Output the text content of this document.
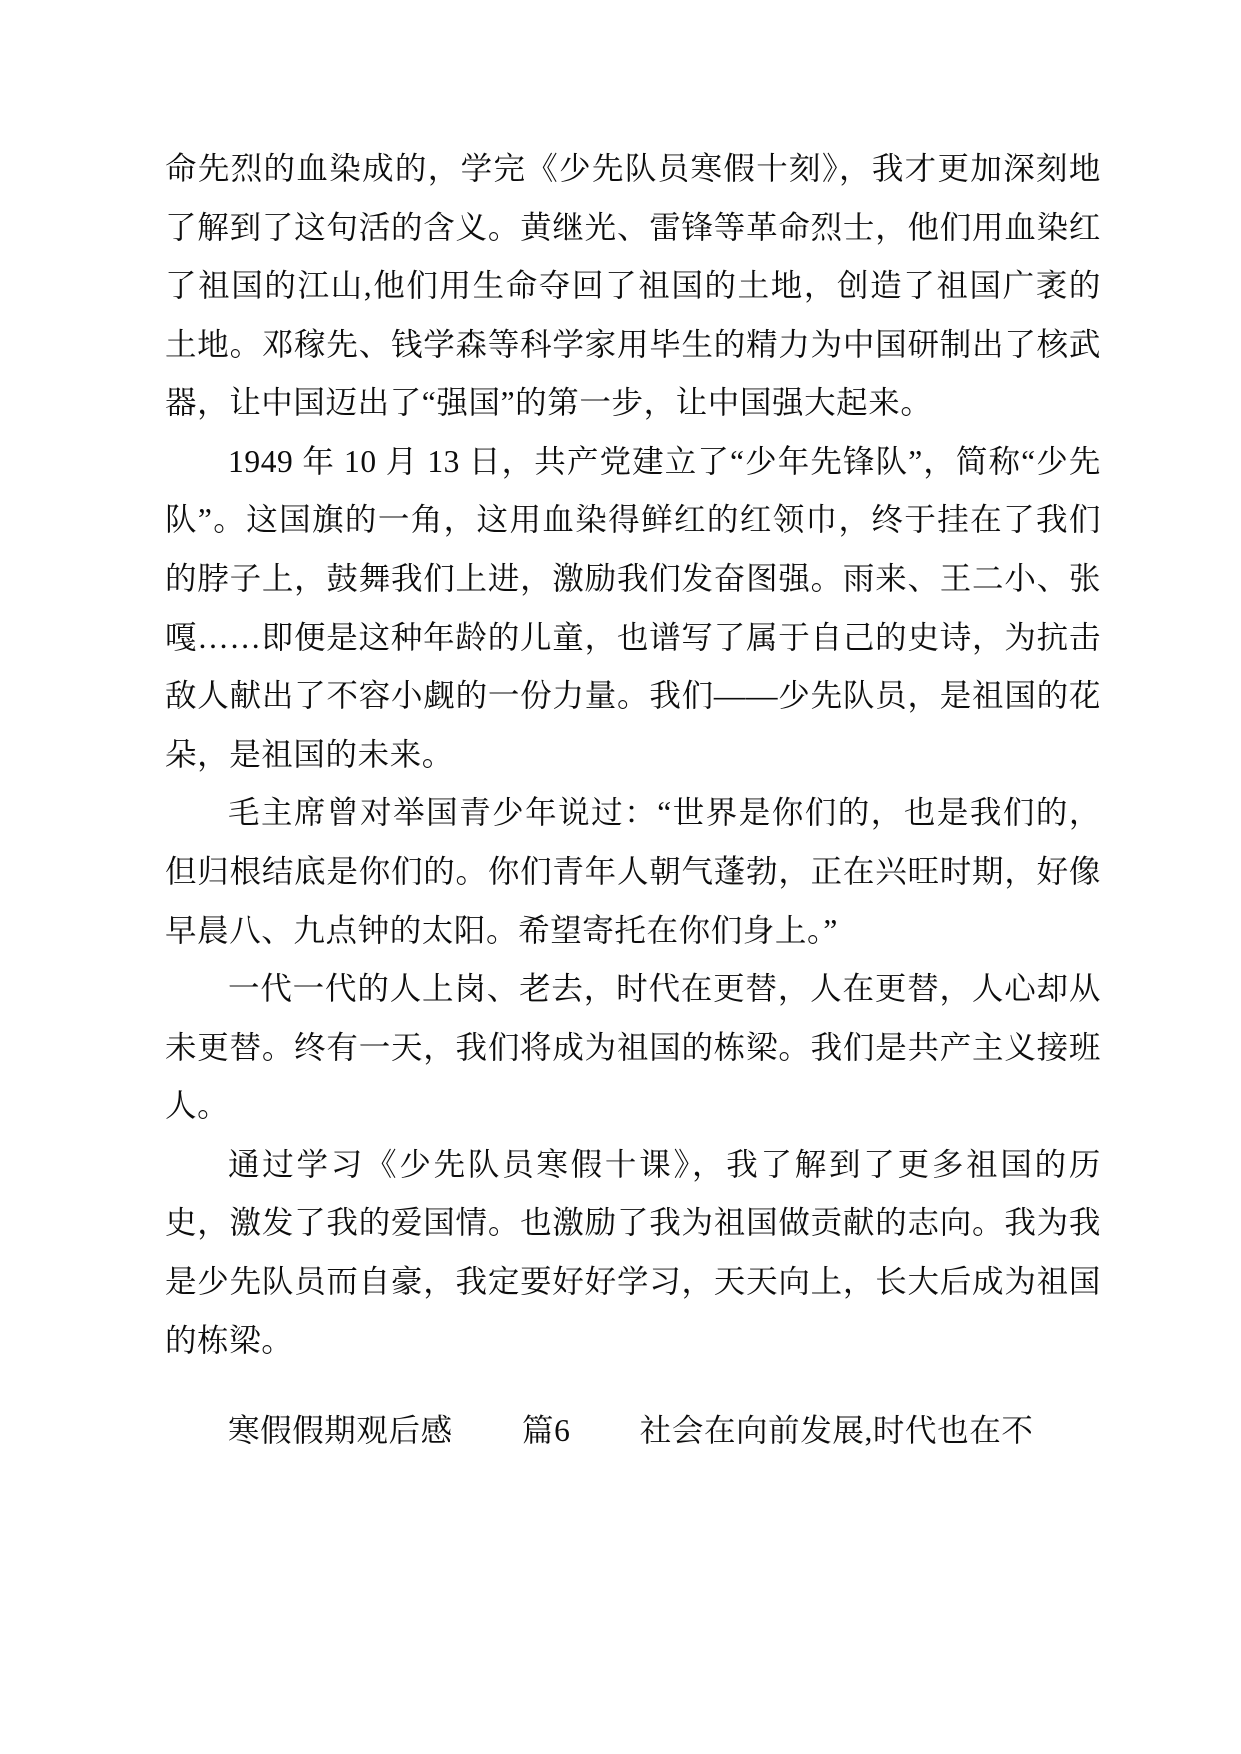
命先烈的血染成的，学完《少先队员寒假十刻》，我才更加深刻地了解到了这句活的含义。黄继光、雷锋等革命烈士，他们用血染红了祖国的江山,他们用生命夺回了祖国的土地，创造了祖国广袤的土地。邓稼先、钱学森等科学家用毕生的精力为中国研制出了核武器，让中国迈出了“强国”的第一步，让中国强大起来。

1949 年 10 月 13 日，共产党建立了“少年先锋队”，简称“少先队”。这国旗的一角，这用血染得鲜红的红领巾，终于挂在了我们的脖子上，鼓舞我们上进，激励我们发奋图强。雨来、王二小、张嘎……即便是这种年龄的儿童，也谱写了属于自己的史诗，为抗击敌人献出了不容小觑的一份力量。我们——少先队员，是祖国的花朵，是祖国的未来。

毛主席曾对举国青少年说过：“世界是你们的，也是我们的，但归根结底是你们的。你们青年人朝气蓬勃，正在兴旺时期，好像早晨八、九点钟的太阳。希望寄托在你们身上。”

一代一代的人上岗、老去，时代在更替，人在更替，人心却从未更替。终有一天，我们将成为祖国的栋梁。我们是共产主义接班人。

通过学习《少先队员寒假十课》，我了解到了更多祖国的历史，激发了我的爱国情。也激励了我为祖国做贡献的志向。我为我是少先队员而自豪，我定要好好学习，天天向上，长大后成为祖国的栋梁。

寒假假期观后感 篇6 社会在向前发展,时代也在不
